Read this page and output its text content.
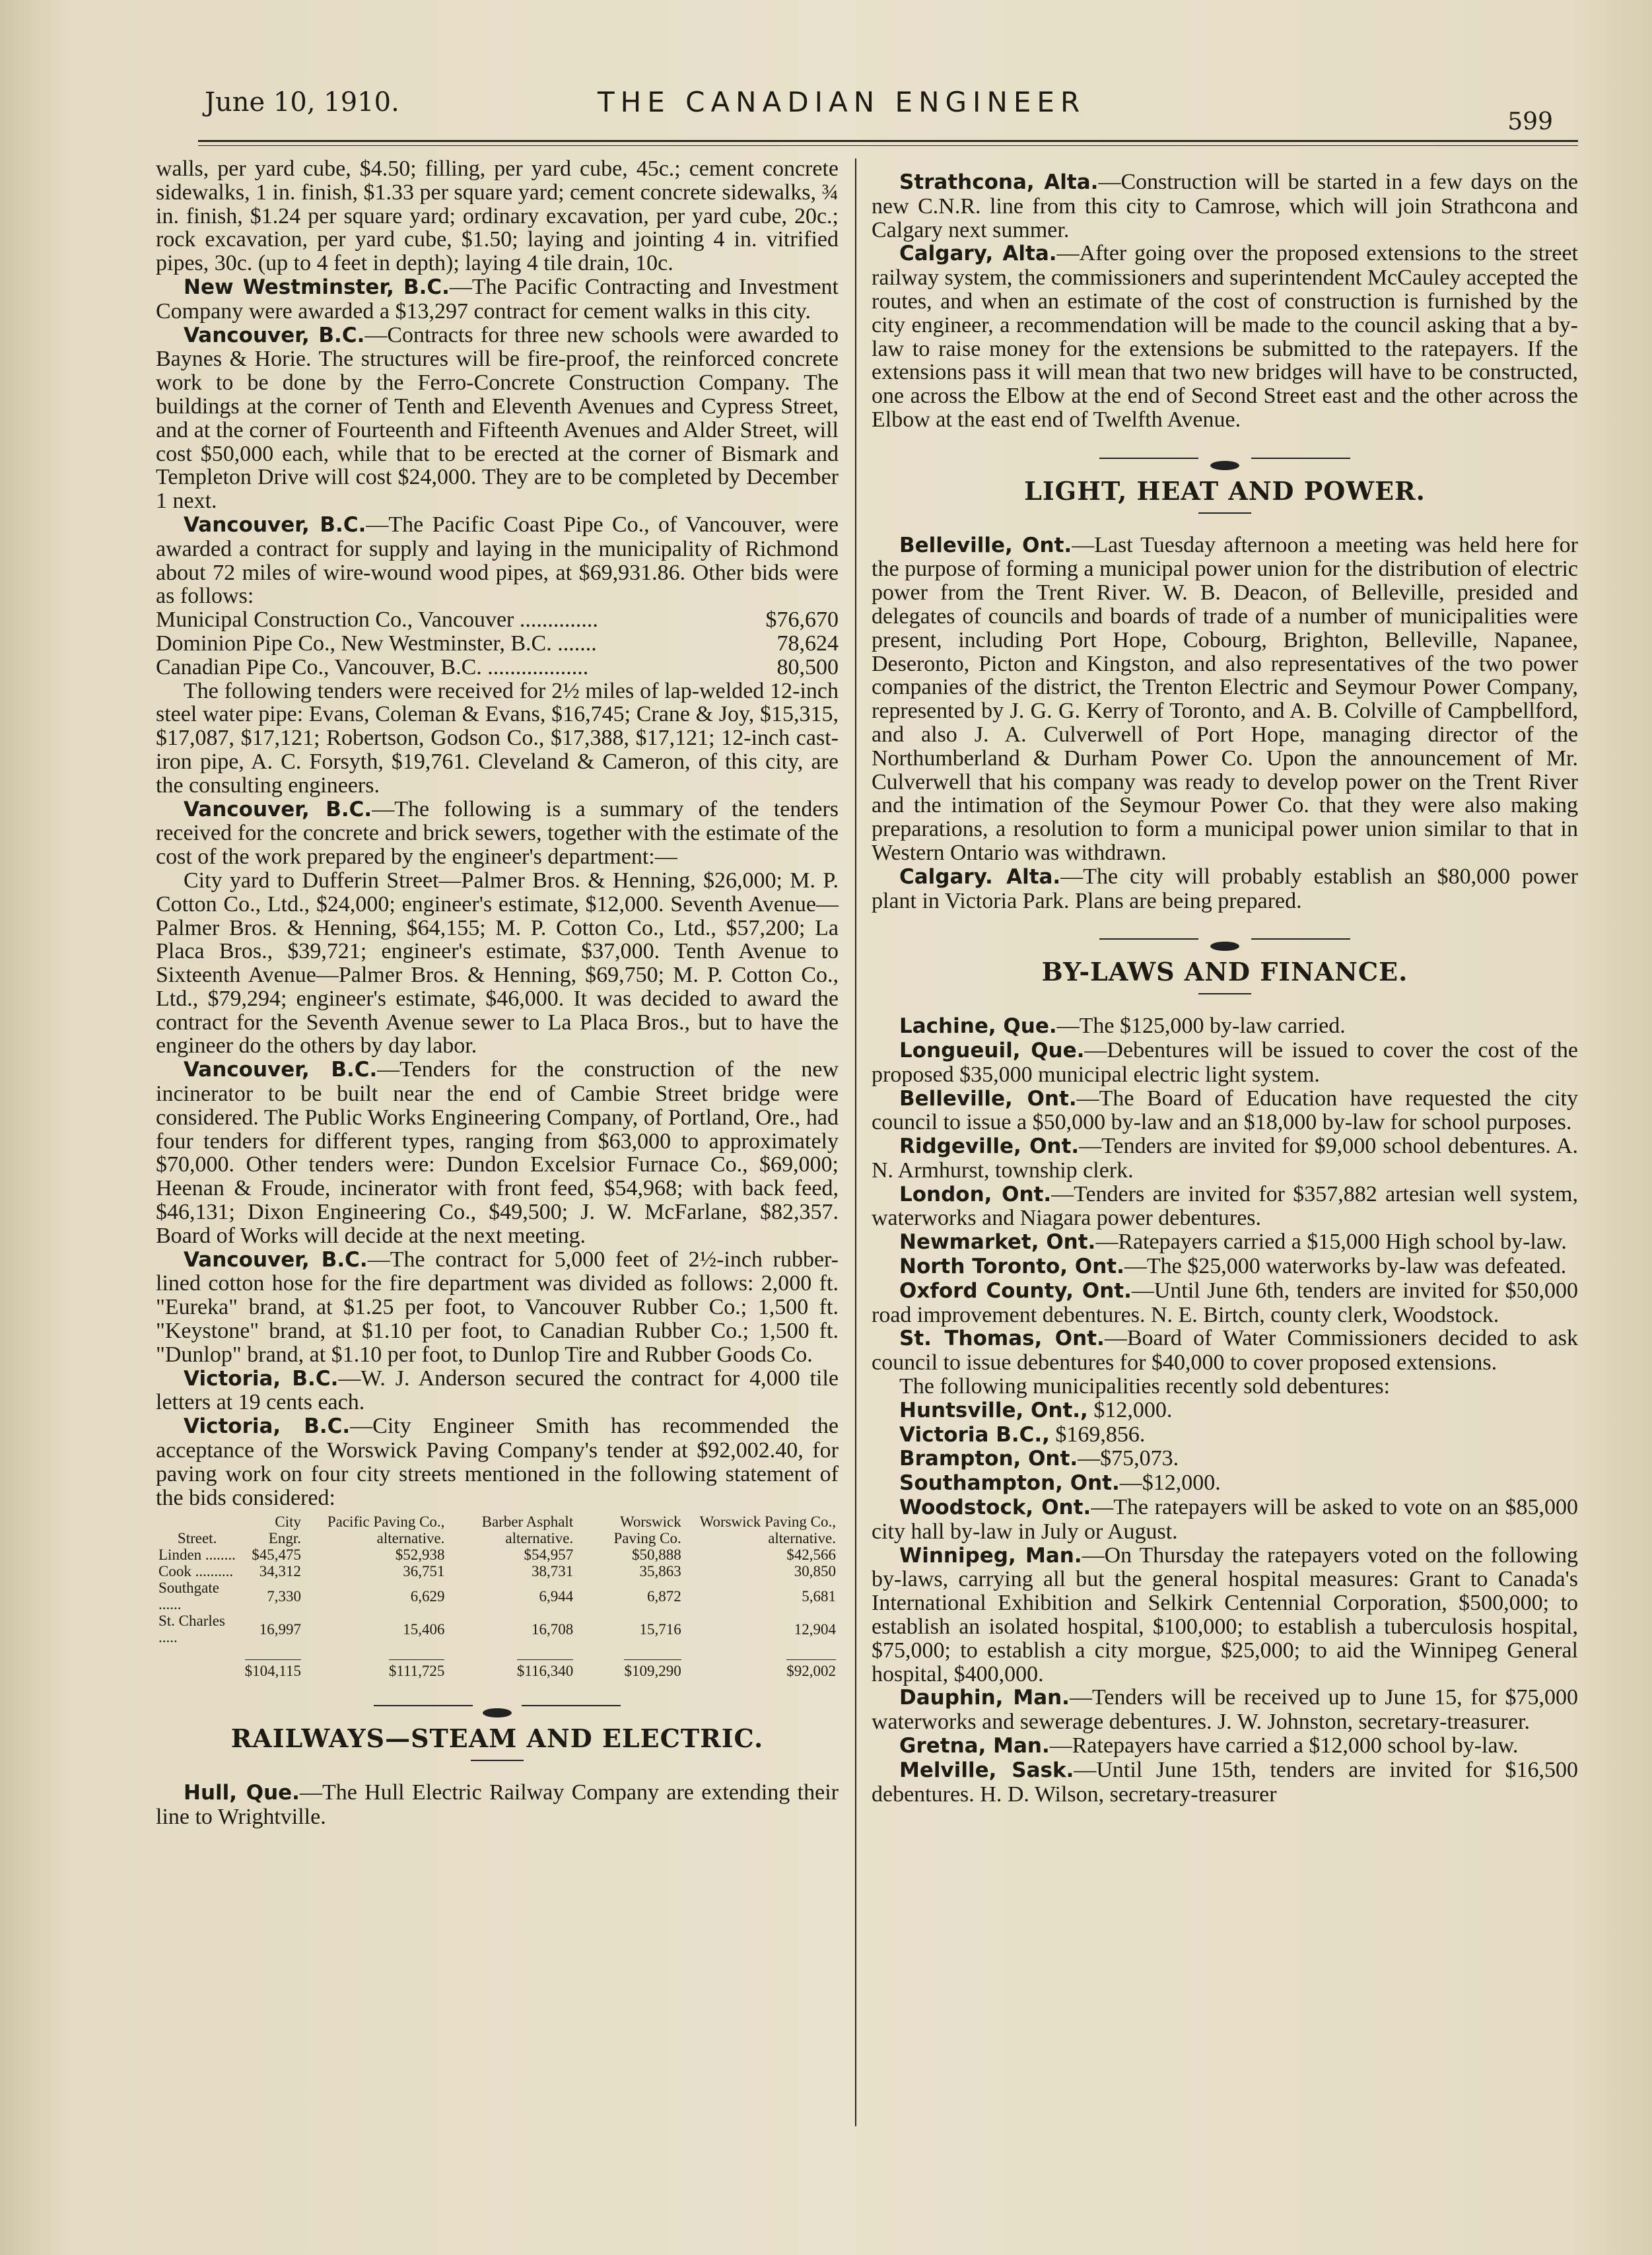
June 10, 1910.	THE CANADIAN ENGINEER
599

walls, per yard cube, $4.50; filling, per yard cube, 45c.; cement concrete sidewalks, 1 in. finish, $1.33 per square yard; cement concrete sidewalks, ¾ in. finish, $1.24 per square yard; ordinary excavation, per yard cube, 20c.; rock excavation, per yard cube, $1.50; laying and jointing 4 in. vitrified pipes, 30c. (up to 4 feet in depth); laying 4 tile drain, 10c.

New Westminster, B.C.—The Pacific Contracting and Investment Company were awarded a $13,297 contract for cement walks in this city.

Vancouver, B.C.—Contracts for three new schools were awarded to Baynes & Horie. The structures will be fire-proof, the reinforced concrete work to be done by the Ferro-Concrete Construction Company. The buildings at the corner of Tenth and Eleventh Avenues and Cypress Street, and at the corner of Fourteenth and Fifteenth Avenues and Alder Street, will cost $50,000 each, while that to be erected at the corner of Bismark and Templeton Drive will cost $24,000. They are to be completed by December 1 next.

Vancouver, B.C.—The Pacific Coast Pipe Co., of Vancouver, were awarded a contract for supply and laying in the municipality of Richmond about 72 miles of wire-wound wood pipes, at $69,931.86. Other bids were as follows:

Municipal Construction Co., Vancouver ..............	$76,670
Dominion Pipe Co., New Westminster, B.C. .......	78,624
Canadian Pipe Co., Vancouver, B.C. ..................	80,500

The following tenders were received for 2½ miles of lap-welded 12-inch steel water pipe: Evans, Coleman & Evans, $16,745; Crane & Joy, $15,315, $17,087, $17,121; Robertson, Godson Co., $17,388, $17,121; 12-inch cast-iron pipe, A. C. Forsyth, $19,761. Cleveland & Cameron, of this city, are the consulting engineers.

Vancouver, B.C.—The following is a summary of the tenders received for the concrete and brick sewers, together with the estimate of the cost of the work prepared by the engineer's department:—

City yard to Dufferin Street—Palmer Bros. & Henning, $26,000; M. P. Cotton Co., Ltd., $24,000; engineer's estimate, $12,000. Seventh Avenue—Palmer Bros. & Henning, $64,155; M. P. Cotton Co., Ltd., $57,200; La Placa Bros., $39,721; engineer's estimate, $37,000. Tenth Avenue to Sixteenth Avenue—Palmer Bros. & Henning, $69,750; M. P. Cotton Co., Ltd., $79,294; engineer's estimate, $46,000. It was decided to award the contract for the Seventh Avenue sewer to La Placa Bros., but to have the engineer do the others by day labor.

Vancouver, B.C.—Tenders for the construction of the new incinerator to be built near the end of Cambie Street bridge were considered. The Public Works Engineering Company, of Portland, Ore., had four tenders for different types, ranging from $63,000 to approximately $70,000. Other tenders were: Dundon Excelsior Furnace Co., $69,000; Heenan & Froude, incinerator with front feed, $54,968; with back feed, $46,131; Dixon Engineering Co., $49,500; J. W. McFarlane, $82,357. Board of Works will decide at the next meeting.

Vancouver, B.C.—The contract for 5,000 feet of 2½-inch rubber-lined cotton hose for the fire department was divided as follows: 2,000 ft. "Eureka" brand, at $1.25 per foot, to Vancouver Rubber Co.; 1,500 ft. "Keystone" brand, at $1.10 per foot, to Canadian Rubber Co.; 1,500 ft. "Dunlop" brand, at $1.10 per foot, to Dunlop Tire and Rubber Goods Co.

Victoria, B.C.—W. J. Anderson secured the contract for 4,000 tile letters at 19 cents each.

Victoria, B.C.—City Engineer Smith has recommended the acceptance of the Worswick Paving Company's tender at $92,002.40, for paving work on four city streets mentioned in the following statement of the bids considered:

Street.	City Engr.	Pacific Paving Co., alternative.	Barber Asphalt alternative.	Worswick Paving Co.	Worswick Paving Co., alternative.
Linden ........	$45,475	$52,938	$54,957	$50,888	$42,566
Cook ..........	34,312	36,751	38,731	35,863	30,850
Southgate ......	7,330	6,629	6,944	6,872	5,681
St. Charles .....	16,997	15,406	16,708	15,716	12,904
	$104,115	$111,725	$116,340	$109,290	$92,002
RAILWAYS—STEAM AND ELECTRIC.

Hull, Que.—The Hull Electric Railway Company are extending their line to Wrightville.

Strathcona, Alta.—Construction will be started in a few days on the new C.N.R. line from this city to Camrose, which will join Strathcona and Calgary next summer.

Calgary, Alta.—After going over the proposed extensions to the street railway system, the commissioners and superintendent McCauley accepted the routes, and when an estimate of the cost of construction is furnished by the city engineer, a recommendation will be made to the council asking that a by-law to raise money for the extensions be submitted to the ratepayers. If the extensions pass it will mean that two new bridges will have to be constructed, one across the Elbow at the end of Second Street east and the other across the Elbow at the east end of Twelfth Avenue.

LIGHT, HEAT AND POWER.

Belleville, Ont.—Last Tuesday afternoon a meeting was held here for the purpose of forming a municipal power union for the distribution of electric power from the Trent River. W. B. Deacon, of Belleville, presided and delegates of councils and boards of trade of a number of municipalities were present, including Port Hope, Cobourg, Brighton, Belleville, Napanee, Deseronto, Picton and Kingston, and also representatives of the two power companies of the district, the Trenton Electric and Seymour Power Company, represented by J. G. G. Kerry of Toronto, and A. B. Colville of Campbellford, and also J. A. Culverwell of Port Hope, managing director of the Northumberland & Durham Power Co. Upon the announcement of Mr. Culverwell that his company was ready to develop power on the Trent River and the intimation of the Seymour Power Co. that they were also making preparations, a resolution to form a municipal power union similar to that in Western Ontario was withdrawn.

Calgary. Alta.—The city will probably establish an $80,000 power plant in Victoria Park. Plans are being prepared.

BY-LAWS AND FINANCE.

Lachine, Que.—The $125,000 by-law carried.

Longueuil, Que.—Debentures will be issued to cover the cost of the proposed $35,000 municipal electric light system.

Belleville, Ont.—The Board of Education have requested the city council to issue a $50,000 by-law and an $18,000 by-law for school purposes.

Ridgeville, Ont.—Tenders are invited for $9,000 school debentures. A. N. Armhurst, township clerk.

London, Ont.—Tenders are invited for $357,882 artesian well system, waterworks and Niagara power debentures.

Newmarket, Ont.—Ratepayers carried a $15,000 High school by-law.

North Toronto, Ont.—The $25,000 waterworks by-law was defeated.

Oxford County, Ont.—Until June 6th, tenders are invited for $50,000 road improvement debentures. N. E. Birtch, county clerk, Woodstock.

St. Thomas, Ont.—Board of Water Commissioners decided to ask council to issue debentures for $40,000 to cover proposed extensions.

The following municipalities recently sold debentures:

Huntsville, Ont., $12,000.

Victoria B.C., $169,856.

Brampton, Ont.—$75,073.

Southampton, Ont.—$12,000.

Woodstock, Ont.—The ratepayers will be asked to vote on an $85,000 city hall by-law in July or August.

Winnipeg, Man.—On Thursday the ratepayers voted on the following by-laws, carrying all but the general hospital measures: Grant to Canada's International Exhibition and Selkirk Centennial Corporation, $500,000; to establish an isolated hospital, $100,000; to establish a tuberculosis hospital, $75,000; to establish a city morgue, $25,000; to aid the Winnipeg General hospital, $400,000.

Dauphin, Man.—Tenders will be received up to June 15, for $75,000 waterworks and sewerage debentures. J. W. Johnston, secretary-treasurer.

Gretna, Man.—Ratepayers have carried a $12,000 school by-law.

Melville, Sask.—Until June 15th, tenders are invited for $16,500 debentures. H. D. Wilson, secretary-treasurer
